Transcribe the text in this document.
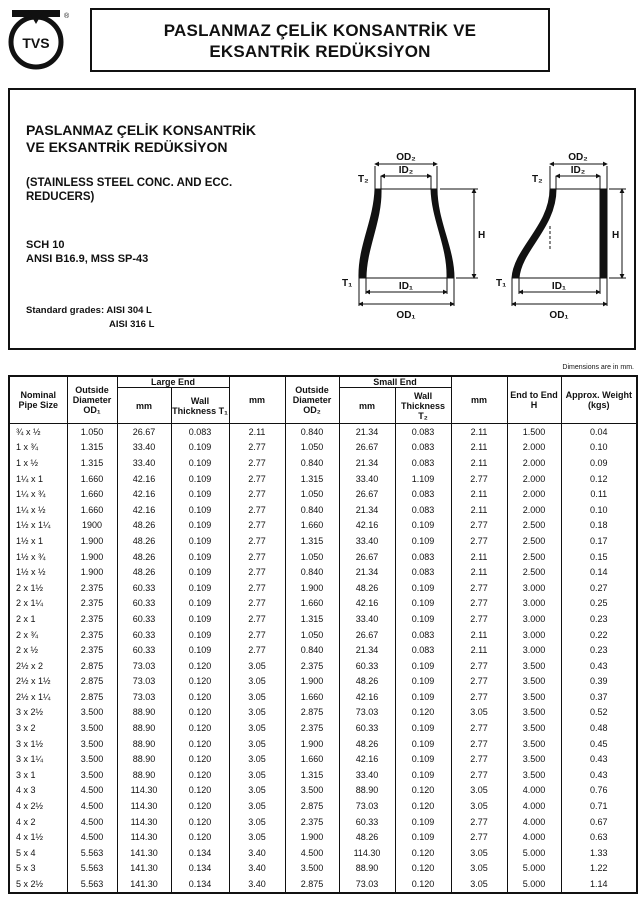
TVS
®
PASLANMAZ ÇELİK KONSANTRİK VE
EKSANTRİK REDÜKSİYON
PASLANMAZ ÇELİK KONSANTRİK
VE EKSANTRİK REDÜKSİYON
(STAINLESS STEEL CONC. AND ECC.
REDUCERS)
SCH 10
ANSI B16.9, MSS SP-43
Standard grades: AISI 304 L
AISI 316 L
OD₂
ID₂
T₂
H
T₁	ID₁
OD₁
OD₂
ID₂
T₂
H
T₁	ID₁
OD₁
Dimensions are in mm.
Nominal Pipe Size	Outside Diameter OD₁	Large End		mm	Outside Diameter OD₂	Small End		mm	End to End H	Approx. Weight (kgs)
		mm	Wall Thickness T₁			mm	Wall Thickness T₂			
¾ x ½	1.050	26.67	0.083	2.11	0.840	21.34	0.083	2.11	1.500	0.04
1 x ¾	1.315	33.40	0.109	2.77	1.050	26.67	0.083	2.11	2.000	0.10
1 x ½	1.315	33.40	0.109	2.77	0.840	21.34	0.083	2.11	2.000	0.09
1¼ x 1	1.660	42.16	0.109	2.77	1.315	33.40	1.109	2.77	2.000	0.12
1¼ x ¾	1.660	42.16	0.109	2.77	1.050	26.67	0.083	2.11	2.000	0.11
1¼ x ½	1.660	42.16	0.109	2.77	0.840	21.34	0.083	2.11	2.000	0.10
1½ x 1¼	1900	48.26	0.109	2.77	1.660	42.16	0.109	2.77	2.500	0.18
1½ x 1	1.900	48.26	0.109	2.77	1.315	33.40	0.109	2.77	2.500	0.17
1½ x ¾	1.900	48.26	0.109	2.77	1.050	26.67	0.083	2.11	2.500	0.15
1½ x ½	1.900	48.26	0.109	2.77	0.840	21.34	0.083	2.11	2.500	0.14
2 x 1½	2.375	60.33	0.109	2.77	1.900	48.26	0.109	2.77	3.000	0.27
2 x 1¼	2.375	60.33	0.109	2.77	1.660	42.16	0.109	2.77	3.000	0.25
2 x 1	2.375	60.33	0.109	2.77	1.315	33.40	0.109	2.77	3.000	0.23
2 x ¾	2.375	60.33	0.109	2.77	1.050	26.67	0.083	2.11	3.000	0.22
2 x ½	2.375	60.33	0.109	2.77	0.840	21.34	0.083	2.11	3.000	0.23
2½ x 2	2.875	73.03	0.120	3.05	2.375	60.33	0.109	2.77	3.500	0.43
2½ x 1½	2.875	73.03	0.120	3.05	1.900	48.26	0.109	2.77	3.500	0.39
2½ x 1¼	2.875	73.03	0.120	3.05	1.660	42.16	0.109	2.77	3.500	0.37
3 x 2½	3.500	88.90	0.120	3.05	2.875	73.03	0.120	3.05	3.500	0.52
3 x 2	3.500	88.90	0.120	3.05	2.375	60.33	0.109	2.77	3.500	0.48
3 x 1½	3.500	88.90	0.120	3.05	1.900	48.26	0.109	2.77	3.500	0.45
3 x 1¼	3.500	88.90	0.120	3.05	1.660	42.16	0.109	2.77	3.500	0.43
3 x 1	3.500	88.90	0.120	3.05	1.315	33.40	0.109	2.77	3.500	0.43
4 x 3	4.500	114.30	0.120	3.05	3.500	88.90	0.120	3.05	4.000	0.76
4 x 2½	4.500	114.30	0.120	3.05	2.875	73.03	0.120	3.05	4.000	0.71
4 x 2	4.500	114.30	0.120	3.05	2.375	60.33	0.109	2.77	4.000	0.67
4 x 1½	4.500	114.30	0.120	3.05	1.900	48.26	0.109	2.77	4.000	0.63
5 x 4	5.563	141.30	0.134	3.40	4.500	114.30	0.120	3.05	5.000	1.33
5 x 3	5.563	141.30	0.134	3.40	3.500	88.90	0.120	3.05	5.000	1.22
5 x 2½	5.563	141.30	0.134	3.40	2.875	73.03	0.120	3.05	5.000	1.14
